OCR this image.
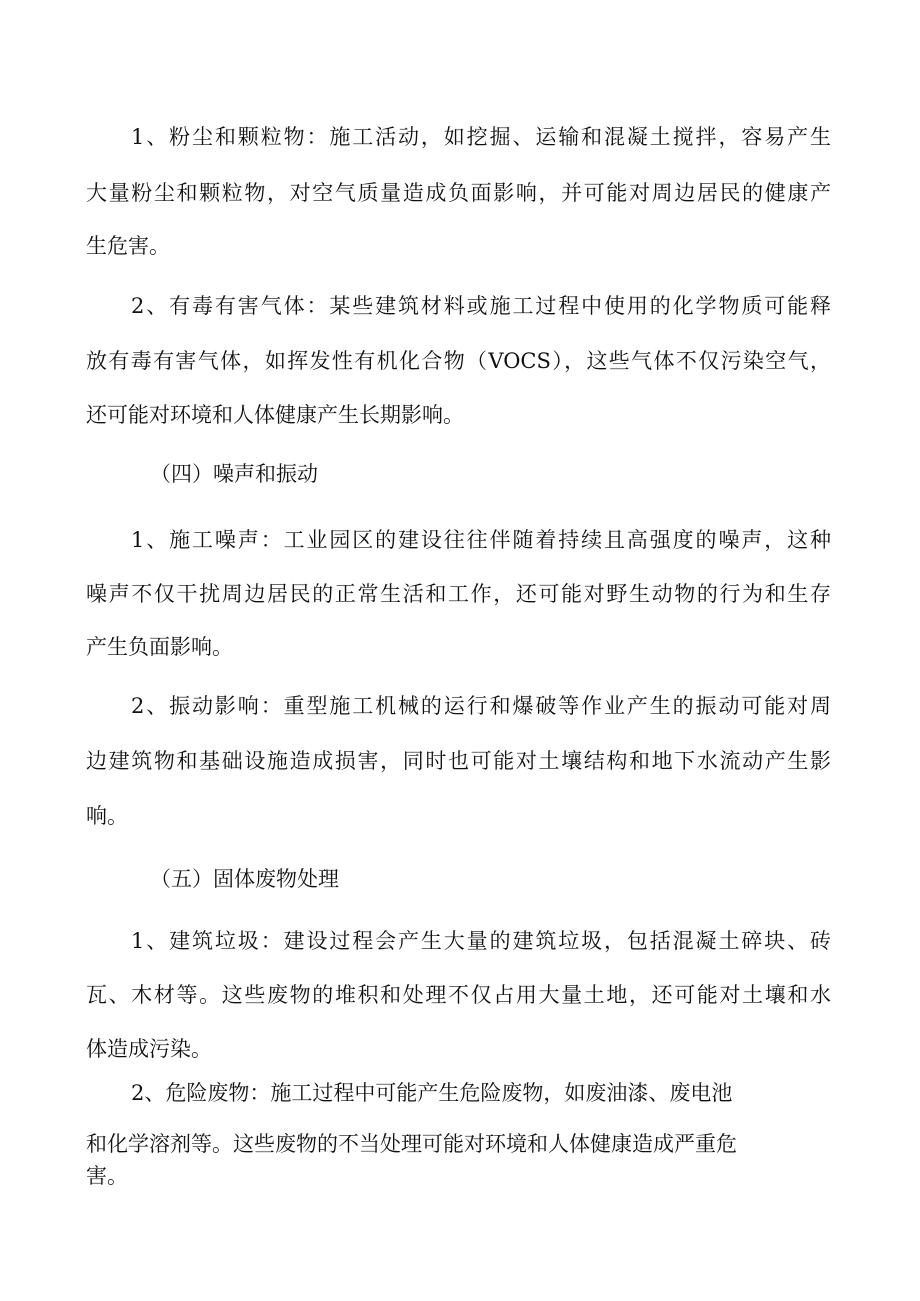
1、粉尘和颗粒物：施工活动，如挖掘、运输和混凝土搅拌，容易产生
大量粉尘和颗粒物，对空气质量造成负面影响，并可能对周边居民的健康产
生危害。
2、有毒有害气体：某些建筑材料或施工过程中使用的化学物质可能释
放有毒有害气体，如挥发性有机化合物（VOCS），这些气体不仅污染空气，
还可能对环境和人体健康产生长期影响。
（四）噪声和振动
1、施工噪声：工业园区的建设往往伴随着持续且高强度的噪声，这种
噪声不仅干扰周边居民的正常生活和工作，还可能对野生动物的行为和生存
产生负面影响。
2、振动影响：重型施工机械的运行和爆破等作业产生的振动可能对周
边建筑物和基础设施造成损害，同时也可能对土壤结构和地下水流动产生影
响。
（五）固体废物处理
1、建筑垃圾：建设过程会产生大量的建筑垃圾，包括混凝土碎块、砖
瓦、木材等。这些废物的堆积和处理不仅占用大量土地，还可能对土壤和水
体造成污染。
2、危险废物：施工过程中可能产生危险废物，如废油漆、废电池
和化学溶剂等。这些废物的不当处理可能对环境和人体健康造成严重危
害。
